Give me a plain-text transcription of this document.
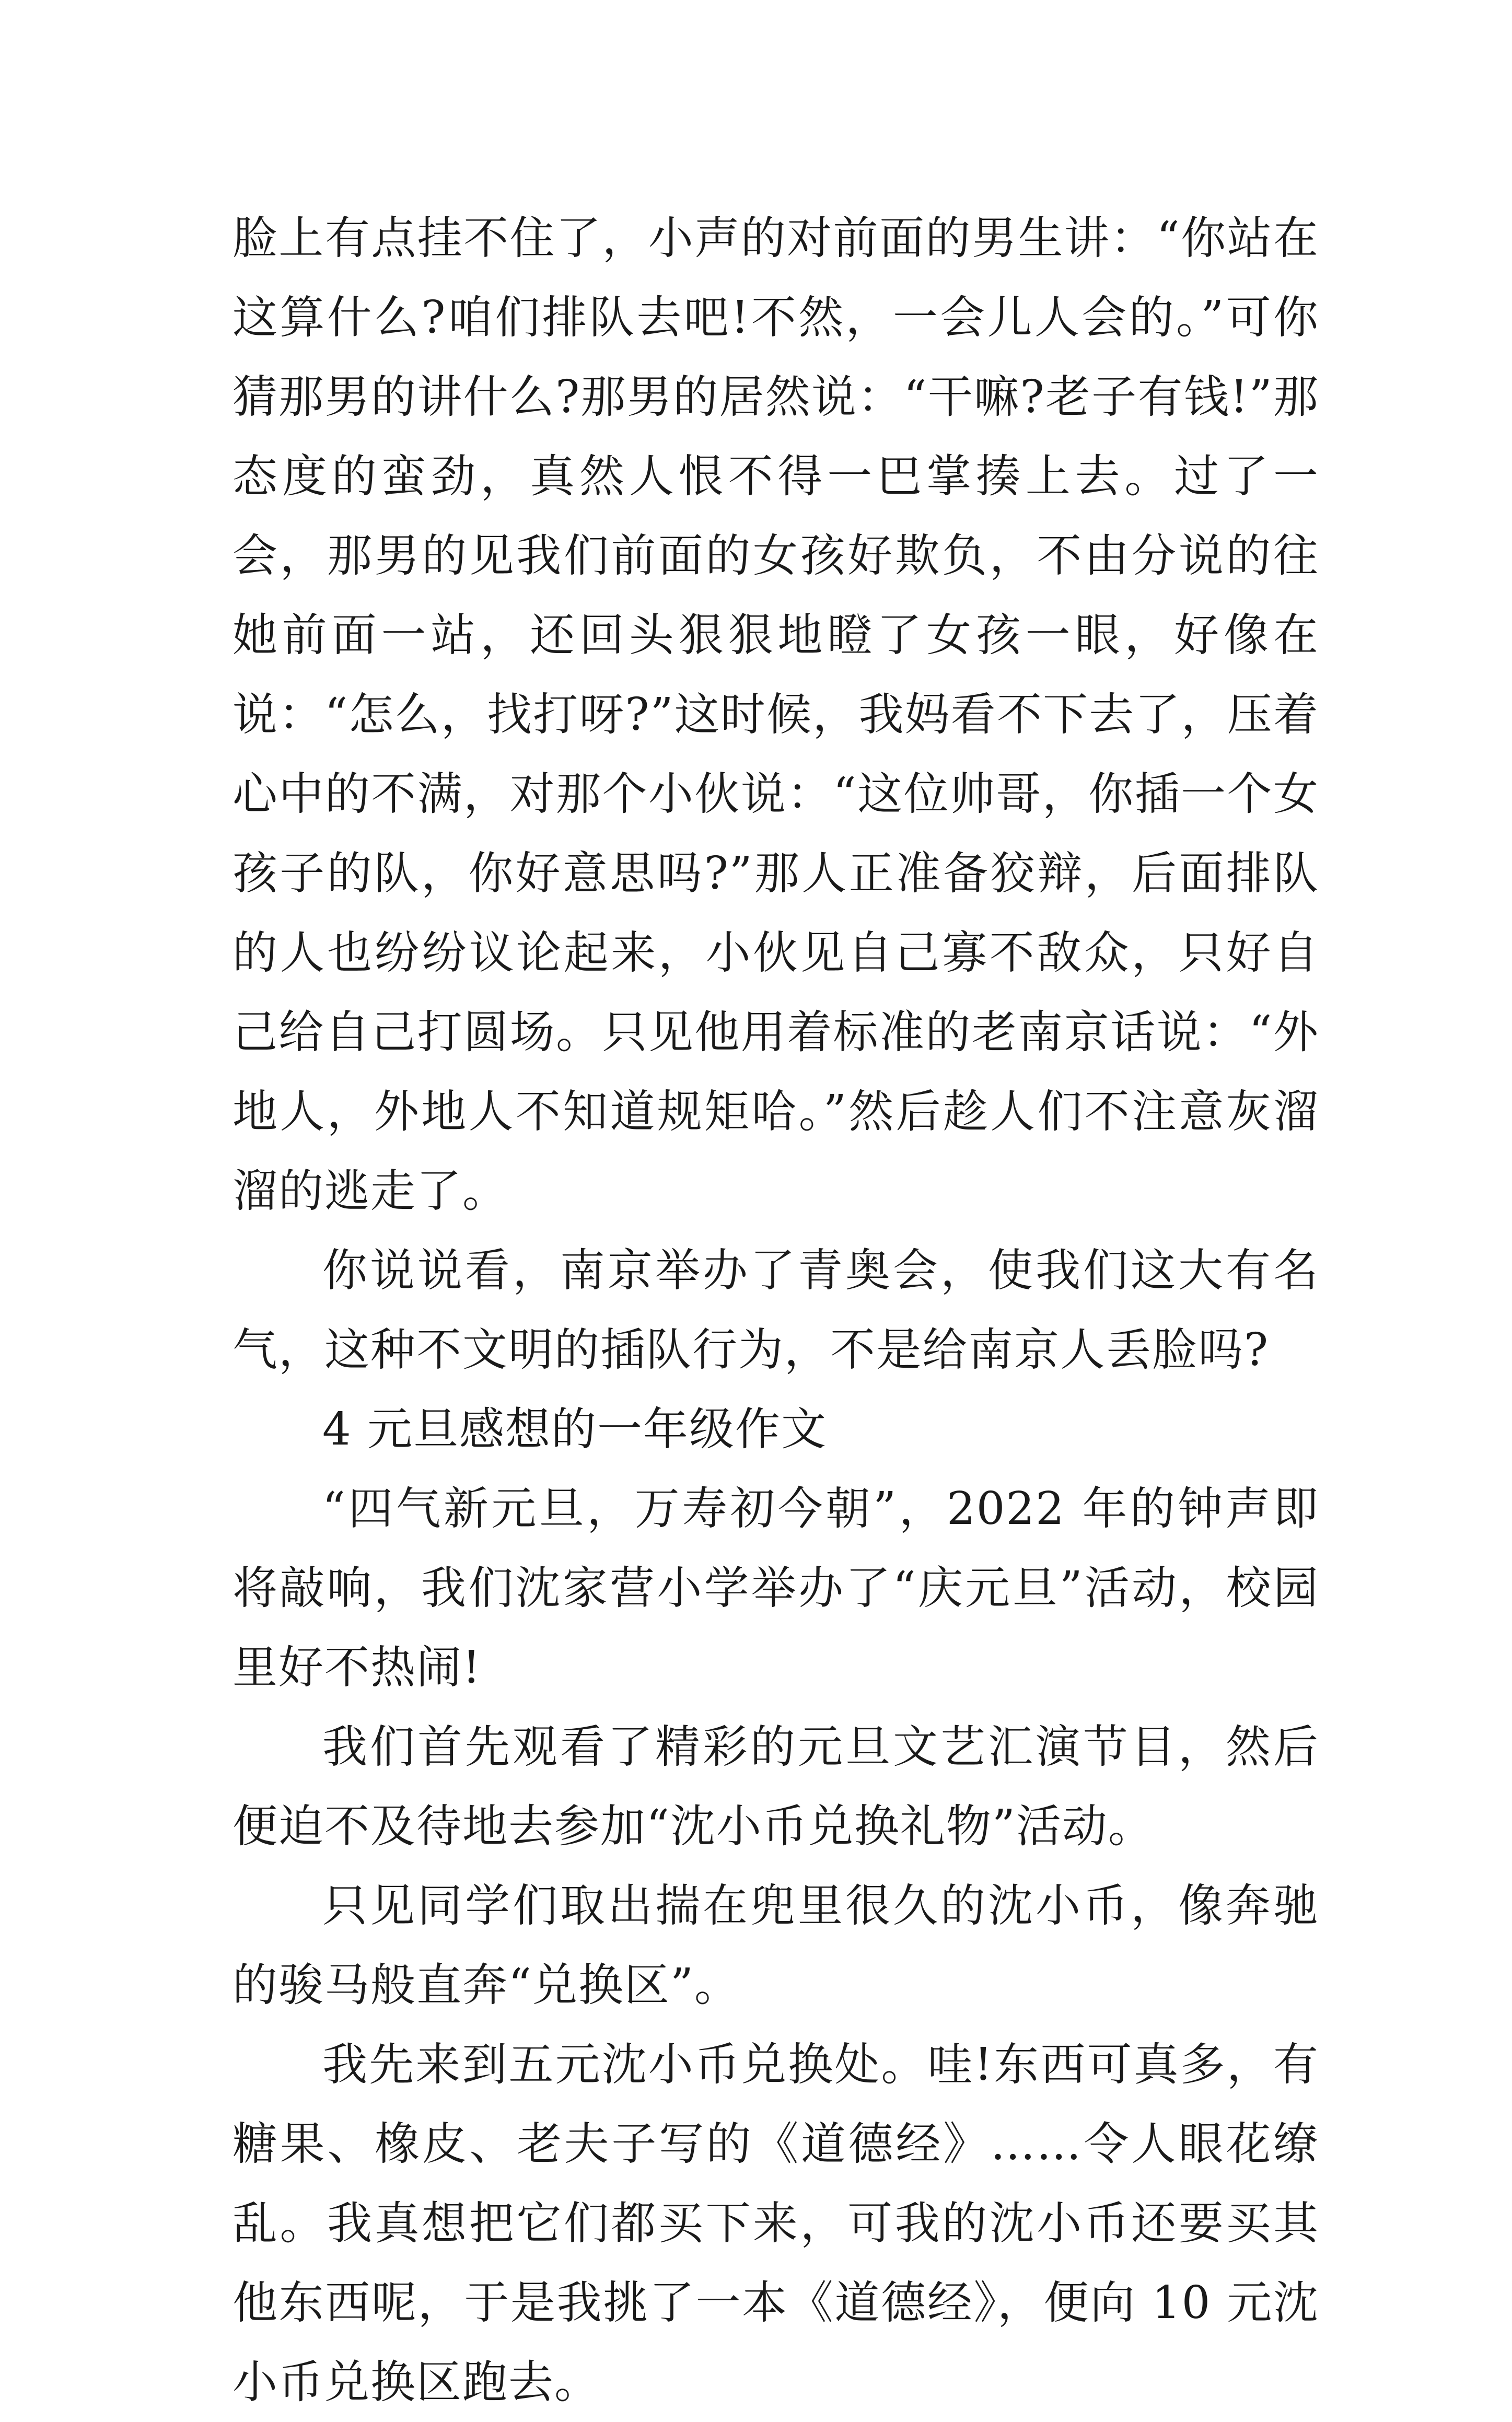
脸上有点挂不住了，小声的对前面的男生讲：“你站在这算什么?咱们排队去吧!不然，一会儿人会的。”可你猜那男的讲什么?那男的居然说：“干嘛?老子有钱!”那态度的蛮劲，真然人恨不得一巴掌揍上去。过了一会，那男的见我们前面的女孩好欺负，不由分说的往她前面一站，还回头狠狠地瞪了女孩一眼，好像在说：“怎么，找打呀?”这时候，我妈看不下去了，压着心中的不满，对那个小伙说：“这位帅哥，你插一个女孩子的队，你好意思吗?”那人正准备狡辩，后面排队的人也纷纷议论起来，小伙见自己寡不敌众，只好自己给自己打圆场。只见他用着标准的老南京话说：“外地人，外地人不知道规矩哈。”然后趁人们不注意灰溜溜的逃走了。

你说说看，南京举办了青奥会，使我们这大有名气，这种不文明的插队行为，不是给南京人丢脸吗?

4 元旦感想的一年级作文

“四气新元旦，万寿初今朝”，2022 年的钟声即将敲响，我们沈家营小学举办了“庆元旦”活动，校园里好不热闹!

我们首先观看了精彩的元旦文艺汇演节目，然后便迫不及待地去参加“沈小币兑换礼物”活动。

只见同学们取出揣在兜里很久的沈小币，像奔驰的骏马般直奔“兑换区”。

我先来到五元沈小币兑换处。哇!东西可真多，有糖果、橡皮、老夫子写的《道德经》……令人眼花缭乱。我真想把它们都买下来，可我的沈小币还要买其他东西呢，于是我挑了一本《道德经》，便向 10 元沈小币兑换区跑去。
